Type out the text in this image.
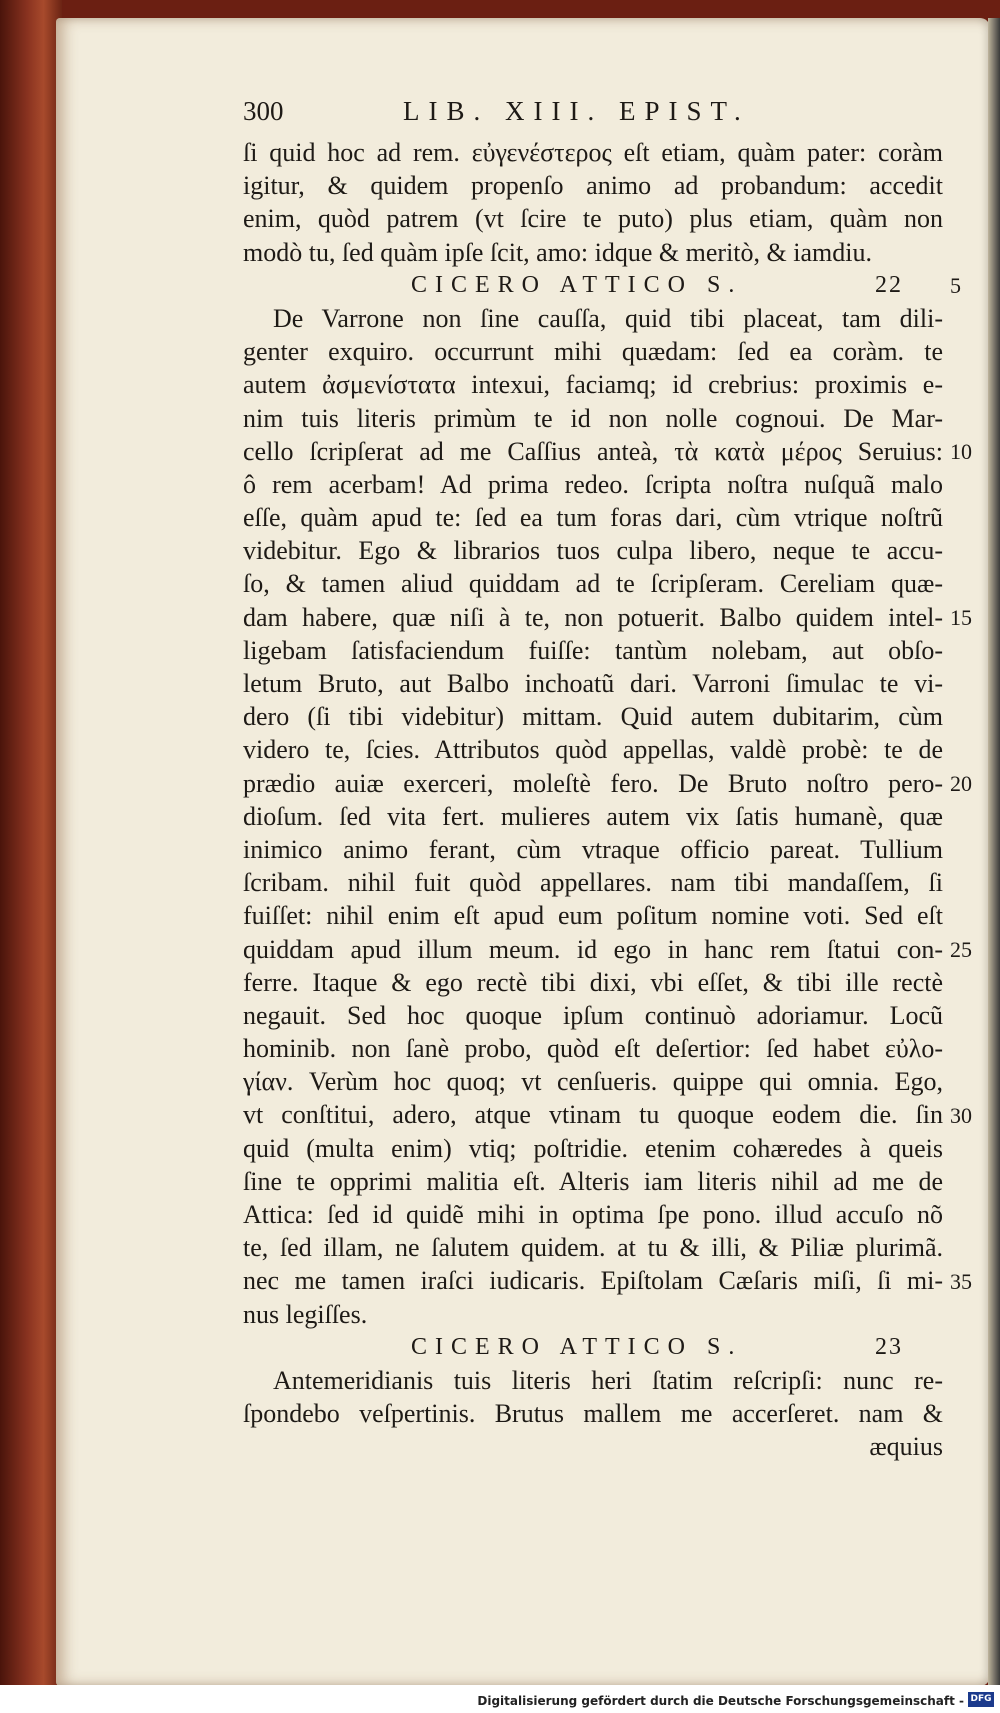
300	LIB. XIII. EPIST.
ſi quid hoc ad rem. εὐγενέστερος eſt etiam, quàm pater: coràm
igitur, & quidem propenſo animo ad probandum: accedit
enim, quòd patrem (vt ſcire te puto) plus etiam, quàm non
modò tu, ſed quàm ipſe ſcit, amo: idque & meritò, & iamdiu.
CICERO ATTICO S.	22
De Varrone non ſine cauſſa, quid tibi placeat, tam dili-
genter exquiro. occurrunt mihi quædam: ſed ea coràm. te
autem ἀσμενίστατα intexui, faciamq; id crebrius: proximis e-
nim tuis literis primùm te id non nolle cognoui. De Mar-
cello ſcripſerat ad me Caſſius anteà, τὰ κατὰ μέρος Seruius:
ô rem acerbam! Ad prima redeo. ſcripta noſtra nuſquã malo
eſſe, quàm apud te: ſed ea tum foras dari, cùm vtrique noſtrũ
videbitur. Ego & librarios tuos culpa libero, neque te accu-
ſo, & tamen aliud quiddam ad te ſcripſeram. Cereliam quæ-
dam habere, quæ niſi à te, non potuerit. Balbo quidem intel-
ligebam ſatisfaciendum fuiſſe: tantùm nolebam, aut obſo-
letum Bruto, aut Balbo inchoatũ dari. Varroni ſimulac te vi-
dero (ſi tibi videbitur) mittam. Quid autem dubitarim, cùm
videro te, ſcies. Attributos quòd appellas, valdè probè: te de
prædio auiæ exerceri, moleſtè fero. De Bruto noſtro pero-
dioſum. ſed vita fert. mulieres autem vix ſatis humanè, quæ
inimico animo ferant, cùm vtraque officio pareat. Tullium
ſcribam. nihil fuit quòd appellares. nam tibi mandaſſem, ſi
fuiſſet: nihil enim eſt apud eum poſitum nomine voti. Sed eſt
quiddam apud illum meum. id ego in hanc rem ſtatui con-
ferre. Itaque & ego rectè tibi dixi, vbi eſſet, & tibi ille rectè
negauit. Sed hoc quoque ipſum continuò adoriamur. Locũ
hominib. non ſanè probo, quòd eſt deſertior: ſed habet εὐλο-
γίαν. Verùm hoc quoq; vt cenſueris. quippe qui omnia. Ego,
vt conſtitui, adero, atque vtinam tu quoque eodem die. ſin
quid (multa enim) vtiq; poſtridie. etenim cohæredes à queis
ſine te opprimi malitia eſt. Alteris iam literis nihil ad me de
Attica: ſed id quidẽ mihi in optima ſpe pono. illud accuſo nõ
te, ſed illam, ne ſalutem quidem. at tu & illi, & Piliæ plurimã.
nec me tamen iraſci iudicaris. Epiſtolam Cæſaris miſi, ſi mi-
nus legiſſes.
CICERO ATTICO S.	23
Antemeridianis tuis literis heri ſtatim reſcripſi: nunc re-
ſpondebo veſpertinis. Brutus mallem me accerſeret. nam &
æquius
5
10
15
20
25
30
35
Digitalisierung gefördert durch die Deutsche Forschungsgemeinschaft - DFG
